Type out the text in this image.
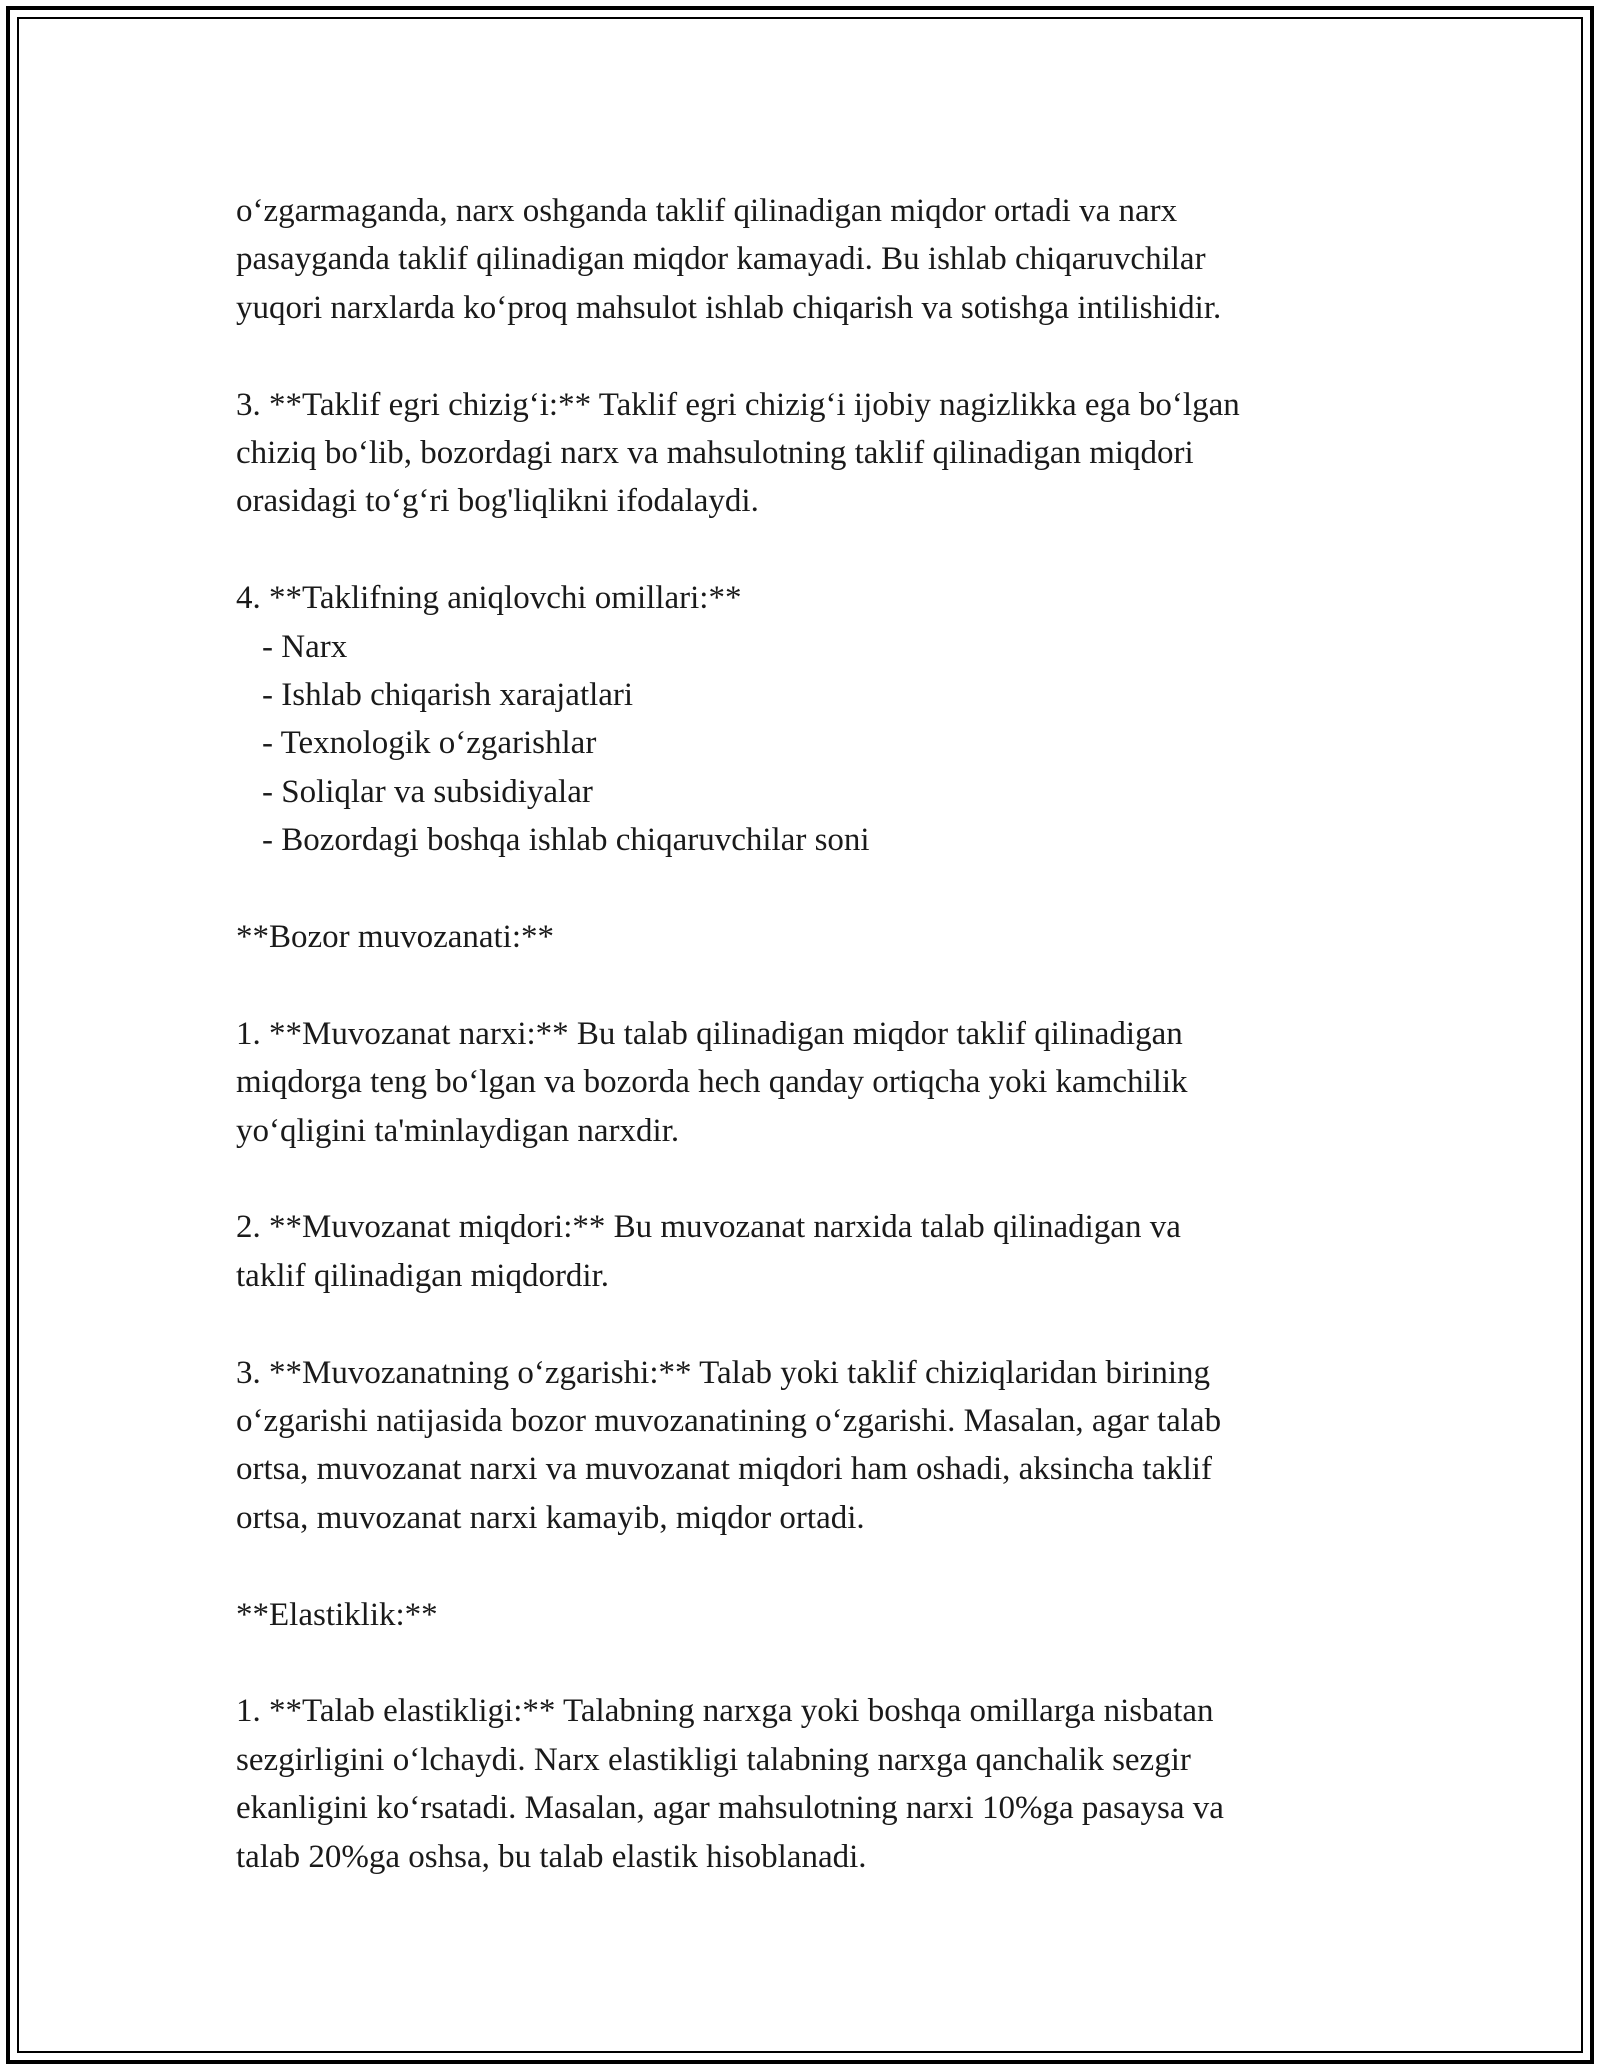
o‘zgarmaganda, narx oshganda taklif qilinadigan miqdor ortadi va narx
pasayganda taklif qilinadigan miqdor kamayadi. Bu ishlab chiqaruvchilar
yuqori narxlarda ko‘proq mahsulot ishlab chiqarish va sotishga intilishidir.

3. **Taklif egri chizig‘i:** Taklif egri chizig‘i ijobiy nagizlikka ega bo‘lgan
chiziq bo‘lib, bozordagi narx va mahsulotning taklif qilinadigan miqdori
orasidagi to‘g‘ri bog'liqlikni ifodalaydi.

4. **Taklifning aniqlovchi omillari:**
- Narx
- Ishlab chiqarish xarajatlari
- Texnologik o‘zgarishlar
- Soliqlar va subsidiyalar
- Bozordagi boshqa ishlab chiqaruvchilar soni

**Bozor muvozanati:**

1. **Muvozanat narxi:** Bu talab qilinadigan miqdor taklif qilinadigan
miqdorga teng bo‘lgan va bozorda hech qanday ortiqcha yoki kamchilik
yo‘qligini ta'minlaydigan narxdir.

2. **Muvozanat miqdori:** Bu muvozanat narxida talab qilinadigan va
taklif qilinadigan miqdordir.

3. **Muvozanatning o‘zgarishi:** Talab yoki taklif chiziqlaridan birining
o‘zgarishi natijasida bozor muvozanatining o‘zgarishi. Masalan, agar talab
ortsa, muvozanat narxi va muvozanat miqdori ham oshadi, aksincha taklif
ortsa, muvozanat narxi kamayib, miqdor ortadi.

**Elastiklik:**

1. **Talab elastikligi:** Talabning narxga yoki boshqa omillarga nisbatan
sezgirligini o‘lchaydi. Narx elastikligi talabning narxga qanchalik sezgir
ekanligini ko‘rsatadi. Masalan, agar mahsulotning narxi 10%ga pasaysa va
talab 20%ga oshsa, bu talab elastik hisoblanadi.
